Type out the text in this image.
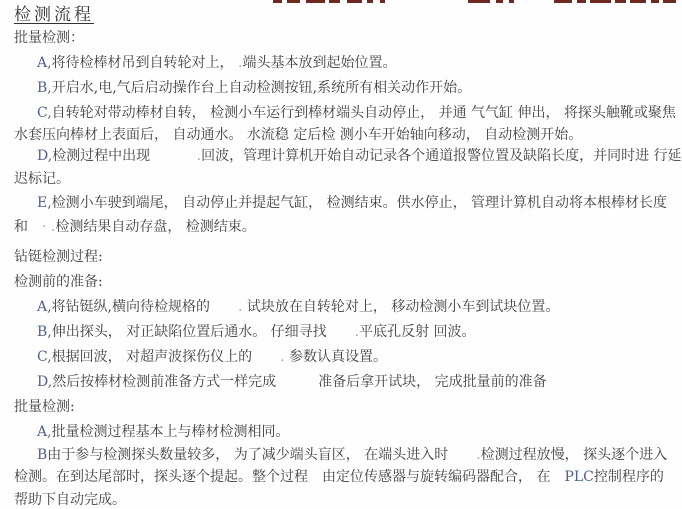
检测流程
批量检测：
A,将待检棒材吊到自转轮对上， .端头基本放到起始位置。
B,开启水,电,气后启动操作台上自动检测按钮,系统所有相关动作开始。
C,自转轮对带动棒材自转， 检测小车运行到棒材端头自动停止， 并通 气气缸 伸出， 将探头触靴或聚焦
水套压向棒材上表面后， 自动通水。 水流稳 定后检 测小车开始轴向移动， 自动检测开始。
D,检测过程中出现　　　	.回波，管理计算机开始自动记录各个通道报警位置及缺陷长度，并同时进 行延
迟标记。
E,检测小车驶到端尾， 自动停止并提起气缸， 检测结束。供水停止， 管理计算机自动将本根棒材长度
和　· .检测结果自动存盘， 检测结束。
钻铤检测过程:
检测前的准备:
A,将钻铤纵,横向待检规格的　　 . 试块放在自转轮对上， 移动检测小车到试块位置。
B,伸出探头， 对正缺陷位置后通水。 仔细寻找　　 .平底孔反射 回波。
C,根据回波， 对超声波探伤仪上的　　 . 参数认真设置。
D,然后按棒材检测前准备方式一样完成　　　	准备后拿开试块， 完成批量前的准备
批量检测:
A,批量检测过程基本上与棒材检测相同。
B由于参与检测探头数量较多， 为了减少端头盲区， 在端头进入时　　 .检测过程放慢， 探头逐个进入
检测。在到达尾部时，探头逐个提起。整个过程　 由定位传感器与旋转编码器配合， 在　 PLC控制程序的
帮助下自动完成。
